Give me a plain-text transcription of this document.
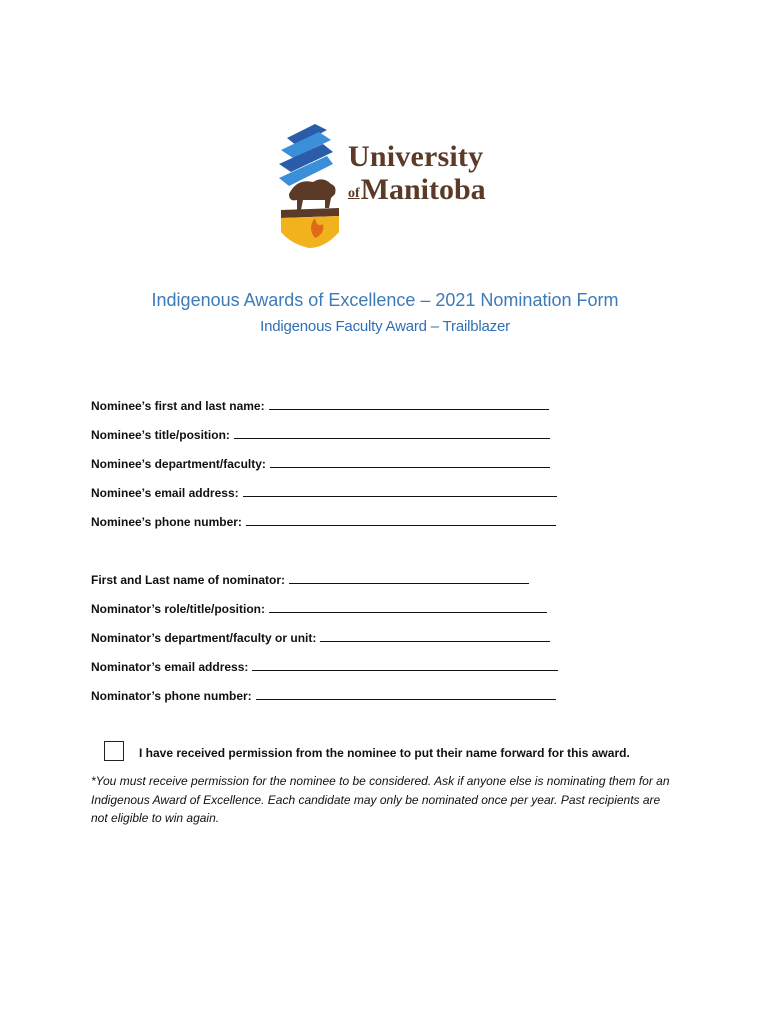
University
ofManitoba
Indigenous Awards of Excellence – 2021 Nomination Form
Indigenous Faculty Award – Trailblazer
Nominee’s first and last name:
Nominee’s title/position:
Nominee’s department/faculty:
Nominee’s email address:
Nominee’s phone number:
First and Last name of nominator:
Nominator’s role/title/position:
Nominator’s department/faculty or unit:
Nominator’s email address:
Nominator’s phone number:
I have received permission from the nominee to put their name forward for this award.
*You must receive permission for the nominee to be considered. Ask if anyone else is nominating them for an Indigenous Award of Excellence. Each candidate may only be nominated once per year. Past recipients are not eligible to win again.
